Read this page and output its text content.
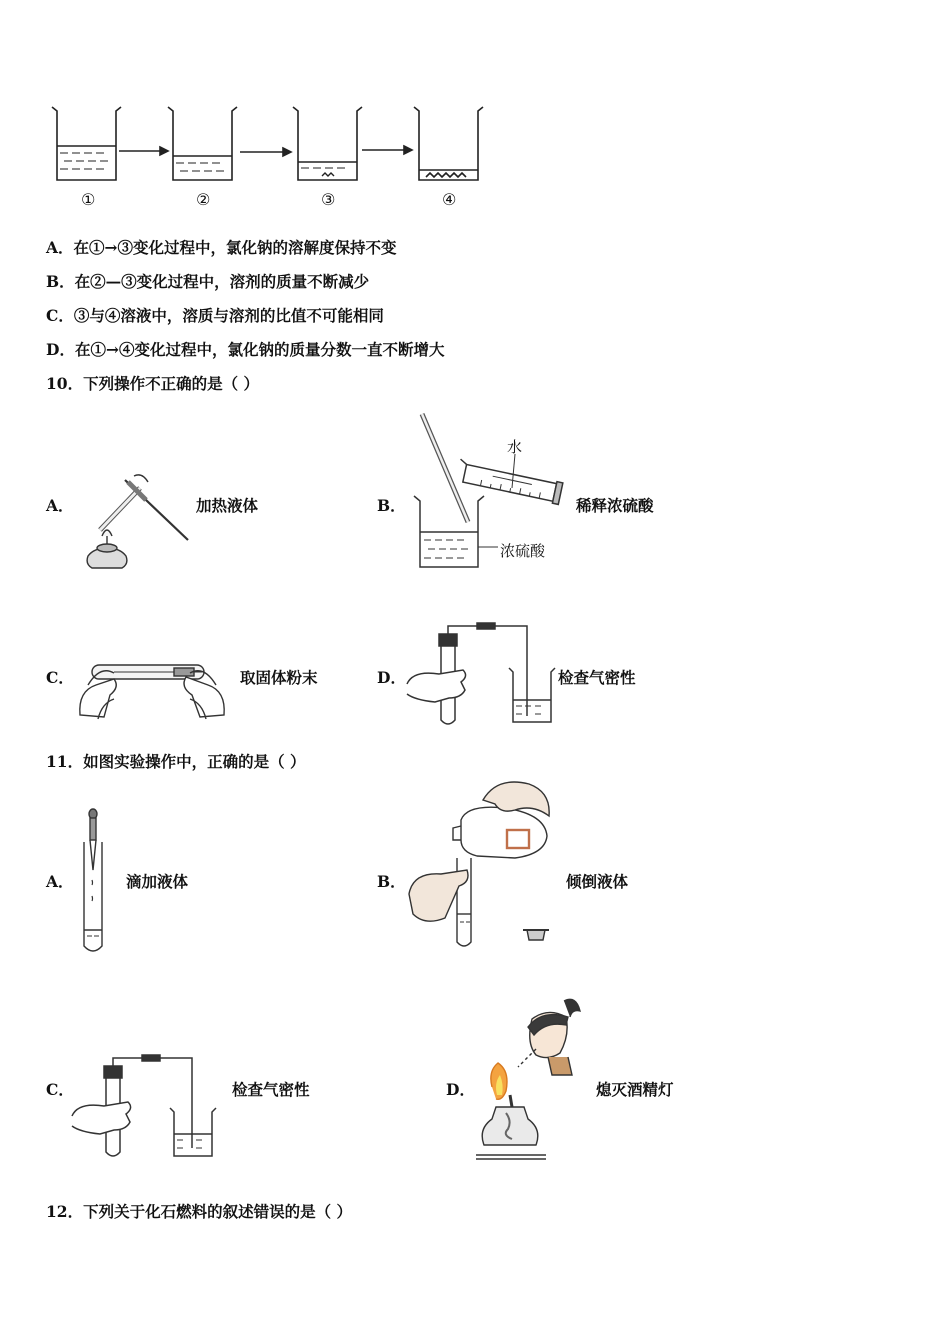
①	②	③	④
A．在①→③变化过程中，氯化钠的溶解度保持不变
B．在②—③变化过程中，溶剂的质量不断减少
C．③与④溶液中，溶质与溶剂的比值不可能相同
D．在①→④变化过程中，氯化钠的质量分数一直不断增大
10．下列操作不正确的是（ ）
A．	加热液体	B．
水
浓硫酸
稀释浓硫酸
C．	取固体粉末	D．	检查气密性
11．如图实验操作中，正确的是（ ）
A．	滴加液体	B．	倾倒液体
C．	检查气密性	D．	熄灭酒精灯
12．下列关于化石燃料的叙述错误的是（ ）
